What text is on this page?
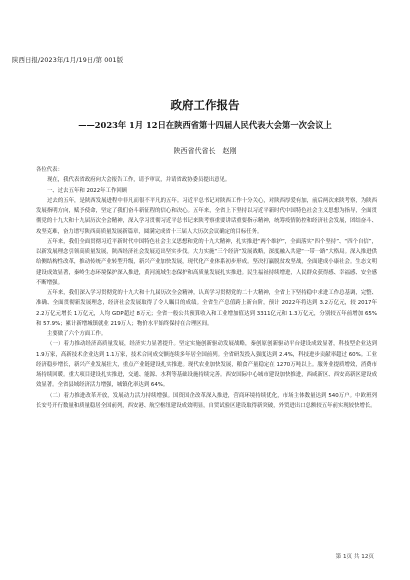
陕西日报/2023年/1月/19日/第 001版
政府工作报告
——2023年 1月 12日在陕西省第十四届人民代表大会第一次会议上
陕西省代省长　赵刚

各位代表：

现在，我代表省政府向大会报告工作，请予审议，并请省政协委员提出意见。

一、过去五年和 2022年工作回顾

过去的五年，是陕西发展进程中非凡而很不平凡的五年。习近平总书记对陕西工作十分关心，对陕西厚爱有加，前后两次来陕考察，为陕西发展指明方向，赋予使命，坚定了我们奋斗新征程的信心和决心。五年来，全省上下坚持以习近平新时代中国特色社会主义思想为指导，全面贯彻党的十九大和十九届历次全会精神，深入学习贯彻习近平总书记来陕考察重要讲话重要指示精神，统筹疫情防控和经济社会发展，团结奋斗、攻坚克难，奋力谱写陕西高质量发展新篇章，圆满完成省十三届人大历次会议确定的目标任务。

五年来，我们全面贯彻习近平新时代中国特色社会主义思想和党的十九大精神，扎实推进“两个维护”，全面落实“四个坚持”、“四个自信”，以新发展理念引领高质量发展，陕西经济社会发展迈出坚实步伐。大力实施“三个经济”发展战略，深度融入共建“一带一路”大格局。深入推进供给侧结构性改革，推动传统产业转型升级，新兴产业加快发展，现代化产业体系初步形成。坚决打赢脱贫攻坚战，全面建成小康社会。生态文明建设成效显著，秦岭生态环境保护深入推进，黄河流域生态保护和高质量发展扎实推进。民生福祉持续增进，人民群众获得感、幸福感、安全感不断增强。

五年来，我们深入学习贯彻党的十九大和十九届历次全会精神，认真学习贯彻党的二十大精神，全省上下坚持稳中求进工作总基调，完整、准确、全面贯彻新发展理念，经济社会发展取得了令人瞩目的成绩。全省生产总值跨上新台阶，预计 2022年将达到 3.2万亿元，较 2017年 2.2万亿元增长 1万亿元，人均 GDP超过 8万元；全省一般公共预算收入和工业增加值达到 3311亿元和 1.3万亿元，分别较五年前增加 65%和 57.9%；累计新增城镇就业 219万人；物价水平始终保持在合理区间。

主要做了六个方面工作。

（一）着力推动经济高质量发展，经济实力显著提升。坚定实施创新驱动发展战略，秦创原创新驱动平台建设成效显著，科技型企业达到 1.9万家，高新技术企业达到 1.1万家，技术合同成交额连续多年居全国前列。全省研发投入强度达到 2.4%，科技进步贡献率超过 60%。工业经济稳步增长，新兴产业发展壮大，重点产业链建设扎实推进。现代农业加快发展，粮食产量稳定在 1270万吨以上。服务业提质增效，消费市场持续回暖。重大项目建设扎实推进，交通、能源、水利等基础设施持续完善。西安国际中心城市建设加快推进，西咸新区、西安高新区建设成效显著。全省县域经济活力增强，城镇化率达到 64%。

（二）着力推进改革开放，发展动力活力持续增强。国资国企改革深入推进，营商环境持续优化，市场主体数量达到 540万户。中欧班列长安号开行数量和质量稳居全国前列，西安港、航空枢纽建设成效明显，自贸试验区建设取得新突破，外贸进出口总额较五年前实现较快增长。

第 1页 共 12页
